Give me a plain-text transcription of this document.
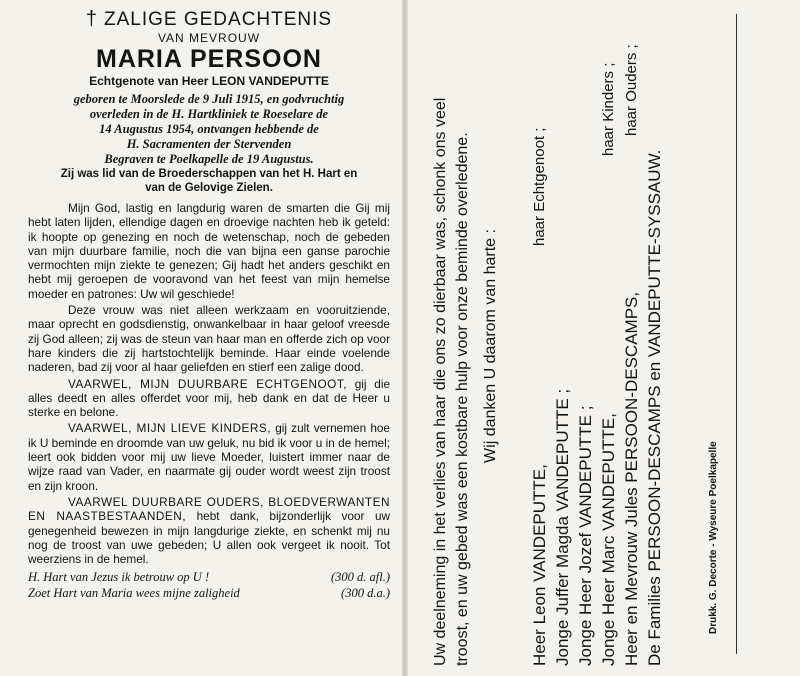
† ZALIGE GEDACHTENIS

VAN MEVROUW
MARIA PERSOON
Echtgenote van Heer LEON VANDEPUTTE
geboren te Moorslede de 9 Juli 1915, en godvruchtig
overleden in de H. Hartkliniek te Roeselare de
14 Augustus 1954, ontvangen hebbende de
H. Sacramenten der Stervenden
Begraven te Poelkapelle de 19 Augustus.
Zij was lid van de Broederschappen van het H. Hart en
van de Gelovige Zielen.

Mijn God, lastig en langdurig waren de smarten die Gij mij hebt laten lijden, ellendige dagen en droevige nachten heb ik geteld: ik hoopte op genezing en noch de wetenschap, noch de gebeden van mijn duurbare familie, noch die van bijna een ganse parochie vermochten mijn ziekte te genezen; Gij hadt het anders geschikt en hebt mij geroepen de vooravond van het feest van mijn hemelse moeder en patrones: Uw wil geschiede!

Deze vrouw was niet alleen werkzaam en vooruitziende, maar oprecht en godsdienstig, onwankelbaar in haar geloof vreesde zij God alleen; zij was de steun van haar man en offerde zich op voor hare kinders die zij hartstochtelijk beminde. Haar einde voelende naderen, bad zij voor al haar geliefden en stierf een zalige dood.

VAARWEL, MIJN DUURBARE ECHTGENOOT, gij die alles deedt en alles offerdet voor mij, heb dank en dat de Heer u sterke en belone.

VAARWEL, MIJN LIEVE KINDERS, gij zult vernemen hoe ik U beminde en droomde van uw geluk, nu bid ik voor u in de hemel; leert ook bidden voor mij uw lieve Moeder, luistert immer naar de wijze raad van Vader, en naarmate gij ouder wordt weest zijn troost en zijn kroon.

VAARWEL DUURBARE OUDERS, BLOEDVERWANTEN EN NAASTBESTAANDEN, hebt dank, bijzonderlijk voor uw genegenheid bewezen in mijn langdurige ziekte, en schenkt mij nu nog de troost van uwe gebeden; U allen ook vergeet ik nooit. Tot weerziens in de hemel.

H. Hart van Jezus ik betrouw op U !	(300 d. afl.)
Zoet Hart van Maria wees mijne zaligheid	(300 d.a.)	Uw deelneming in het verlies van haar die ons zo dierbaar was, schonk ons veel troost, en uw gebed was een kostbare hulp voor onze beminde overledene. Wij danken U daarom van harte :

Heer Leon VANDEPUTTE,
haar Echtgenoot ;
Jonge Juffer Magda VANDEPUTTE ; Jonge Heer Jozef VANDEPUTTE ; Jonge Heer Marc VANDEPUTTE,
haar Kinders ;
Heer en Mevrouw Jules PERSOON-DESCAMPS,
haar Ouders ;
De Families PERSOON-DESCAMPS en VANDEPUTTE-SYSSAUW.	Drukk. G. Decorte - Wyseure Poelkapelle
